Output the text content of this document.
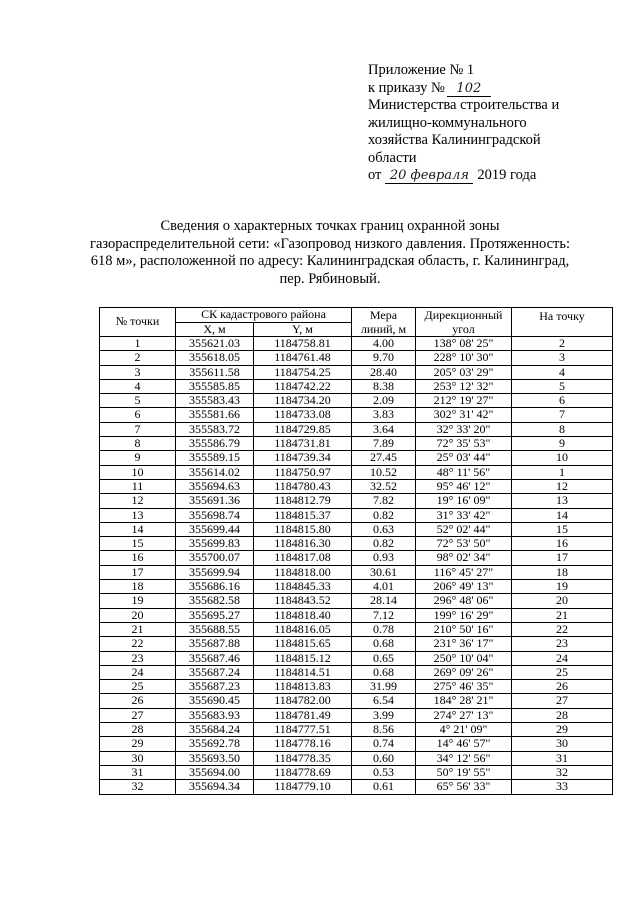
Приложение № 1
к приказу № 102
Министерства строительства и
жилищно-коммунального
хозяйства Калининградской
области
от 20 февраля 2019 года
Сведения о характерных точках границ охранной зоны
газораспределительной сети: «Газопровод низкого давления. Протяженность:
618 м», расположенной по адресу: Калининградская область, г. Калининград,
пер. Рябиновый.
№ точки	СК кадастрового района		Мера линий, м	Дирекционный угол	На точку
	X, м	Y, м			
1	355621.03	1184758.81	4.00	138° 08' 25"	2
2	355618.05	1184761.48	9.70	228° 10' 30"	3
3	355611.58	1184754.25	28.40	205° 03' 29"	4
4	355585.85	1184742.22	8.38	253° 12' 32"	5
5	355583.43	1184734.20	2.09	212° 19' 27"	6
6	355581.66	1184733.08	3.83	302° 31' 42"	7
7	355583.72	1184729.85	3.64	32° 33' 20"	8
8	355586.79	1184731.81	7.89	72° 35' 53"	9
9	355589.15	1184739.34	27.45	25° 03' 44"	10
10	355614.02	1184750.97	10.52	48° 11' 56"	1
11	355694.63	1184780.43	32.52	95° 46' 12"	12
12	355691.36	1184812.79	7.82	19° 16' 09"	13
13	355698.74	1184815.37	0.82	31° 33' 42"	14
14	355699.44	1184815.80	0.63	52° 02' 44"	15
15	355699.83	1184816.30	0.82	72° 53' 50"	16
16	355700.07	1184817.08	0.93	98° 02' 34"	17
17	355699.94	1184818.00	30.61	116° 45' 27"	18
18	355686.16	1184845.33	4.01	206° 49' 13"	19
19	355682.58	1184843.52	28.14	296° 48' 06"	20
20	355695.27	1184818.40	7.12	199° 16' 29"	21
21	355688.55	1184816.05	0.78	210° 50' 16"	22
22	355687.88	1184815.65	0.68	231° 36' 17"	23
23	355687.46	1184815.12	0.65	250° 10' 04"	24
24	355687.24	1184814.51	0.68	269° 09' 26"	25
25	355687.23	1184813.83	31.99	275° 46' 35"	26
26	355690.45	1184782.00	6.54	184° 28' 21"	27
27	355683.93	1184781.49	3.99	274° 27' 13"	28
28	355684.24	1184777.51	8.56	4° 21' 09"	29
29	355692.78	1184778.16	0.74	14° 46' 57"	30
30	355693.50	1184778.35	0.60	34° 12' 56"	31
31	355694.00	1184778.69	0.53	50° 19' 55"	32
32	355694.34	1184779.10	0.61	65° 56' 33"	33
